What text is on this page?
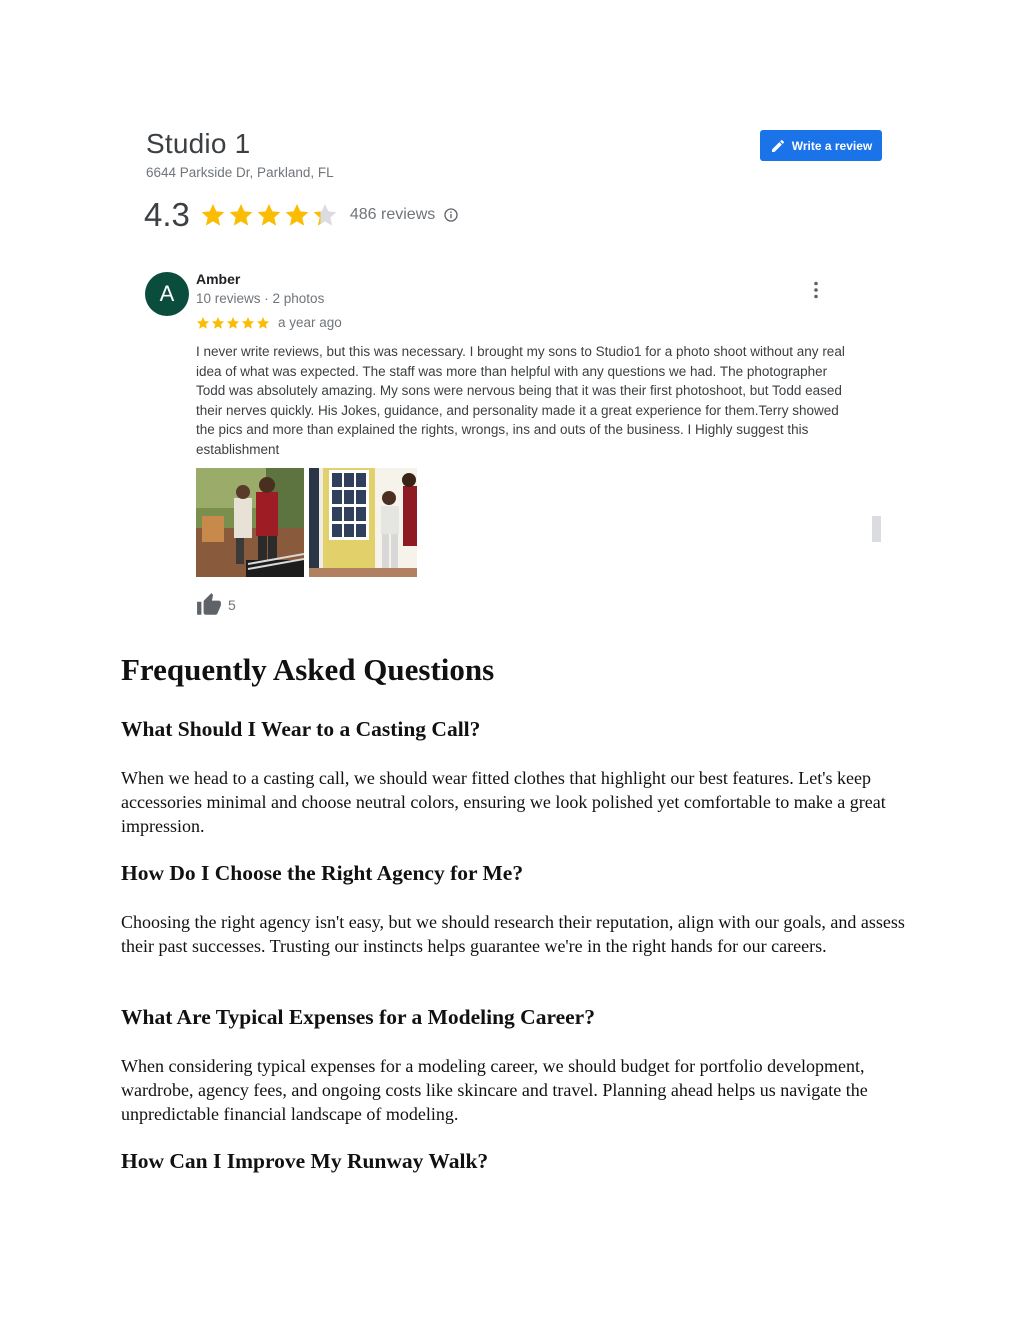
Studio 1
6644 Parkside Dr, Parkland, FL
Write a review
4.3	486 reviews
A
Amber
10 reviews · 2 photos
a year ago
I never write reviews, but this was necessary. I brought my sons to Studio1 for a photo shoot without any real idea of what was expected. The staff was more than helpful with any questions we had. The photographer Todd was absolutely amazing. My sons were nervous being that it was their first photoshoot, but Todd eased their nerves quickly. His Jokes, guidance, and personality made it a great experience for them.Terry showed the pics and more than explained the rights, wrongs, ins and outs of the business. I Highly suggest this establishment
5
Frequently Asked Questions
What Should I Wear to a Casting Call?

When we head to a casting call, we should wear fitted clothes that highlight our best features. Let's keep accessories minimal and choose neutral colors, ensuring we look polished yet comfortable to make a great impression.

How Do I Choose the Right Agency for Me?

Choosing the right agency isn't easy, but we should research their reputation, align with our goals, and assess their past successes. Trusting our instincts helps guarantee we're in the right hands for our careers.

What Are Typical Expenses for a Modeling Career?

When considering typical expenses for a modeling career, we should budget for portfolio development, wardrobe, agency fees, and ongoing costs like skincare and travel. Planning ahead helps us navigate the unpredictable financial landscape of modeling.

How Can I Improve My Runway Walk?
